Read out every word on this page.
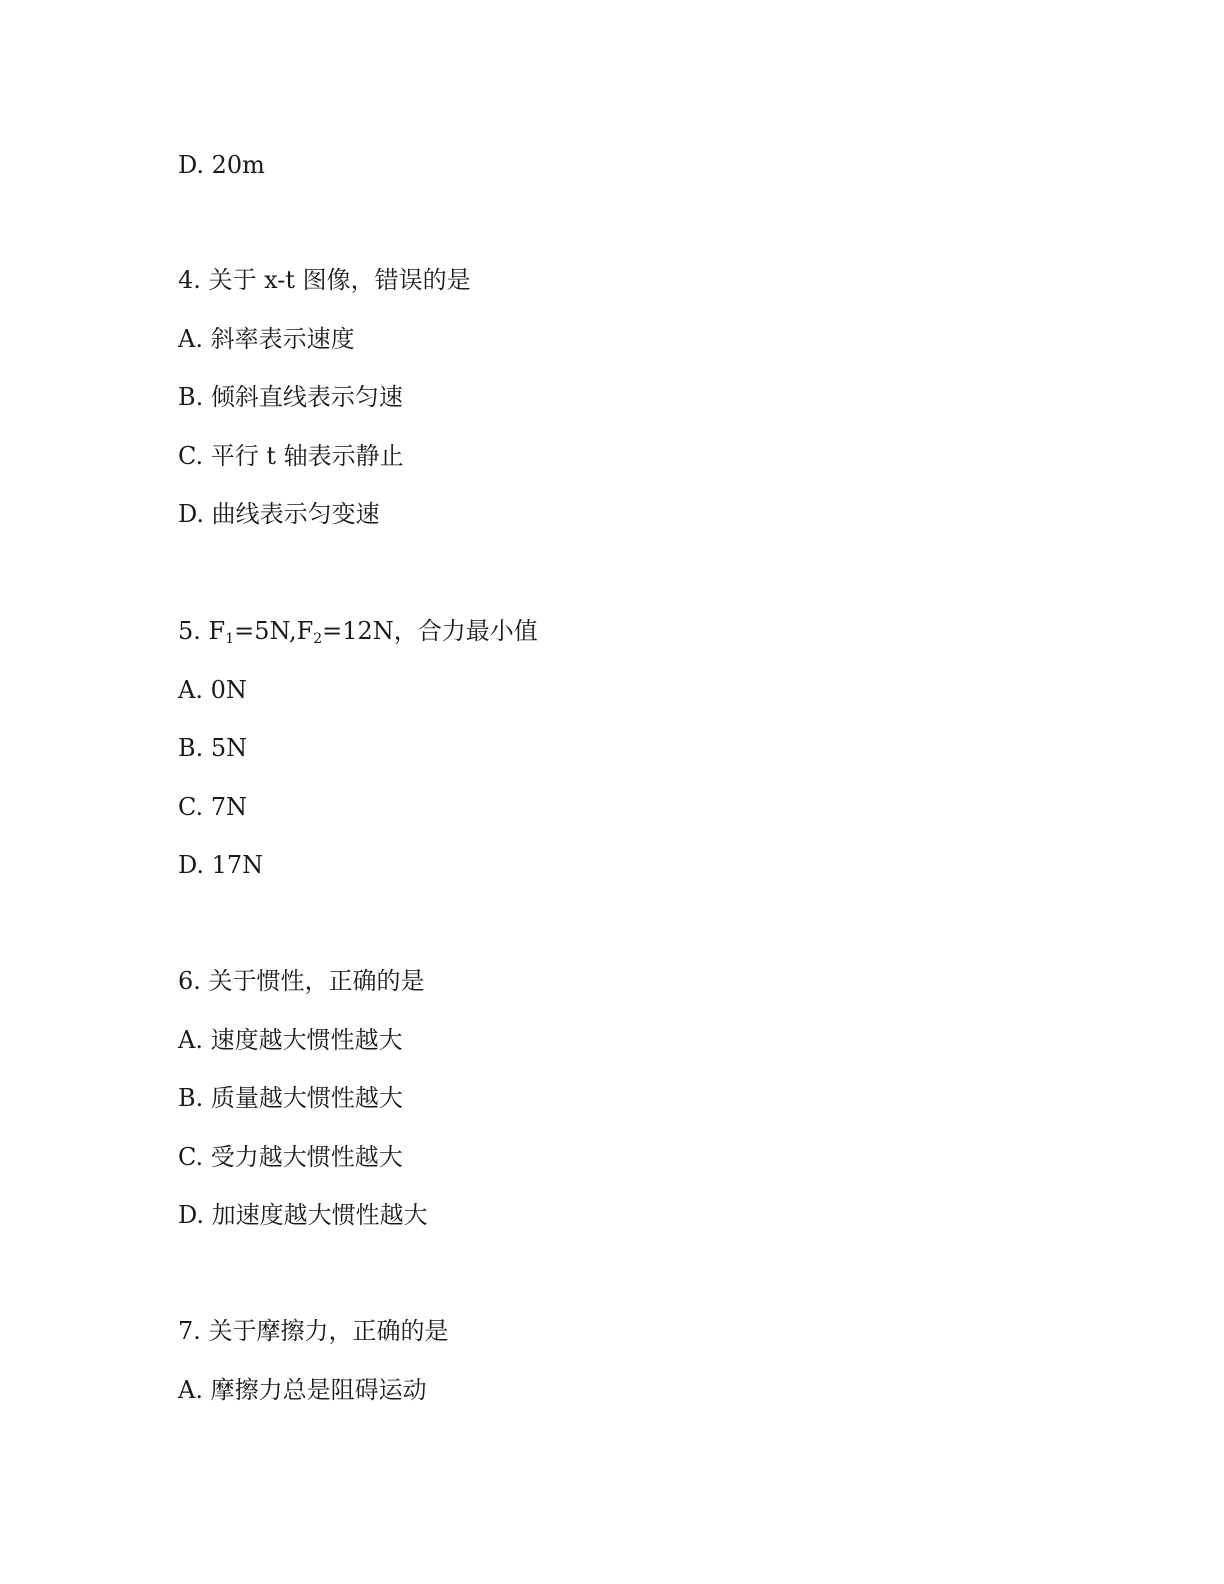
D. 20m
4. 关于 x-t 图像，错误的是
A. 斜率表示速度
B. 倾斜直线表示匀速
C. 平行 t 轴表示静止
D. 曲线表示匀变速
5. $F_1=5N,F_2=12N$，合力最小值
A. 0N
B. 5N
C. 7N
D. 17N
6. 关于惯性，正确的是
A. 速度越大惯性越大
B. 质量越大惯性越大
C. 受力越大惯性越大
D. 加速度越大惯性越大
7. 关于摩擦力，正确的是
A. 摩擦力总是阻碍运动
